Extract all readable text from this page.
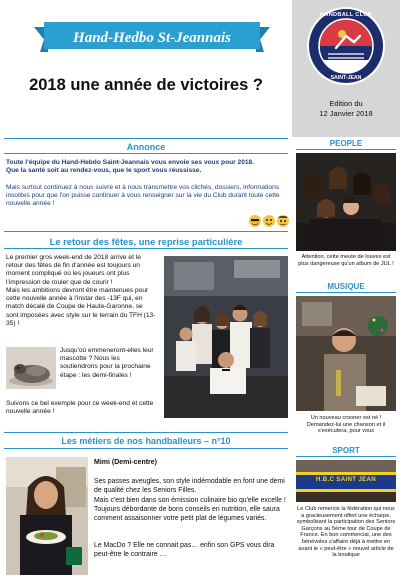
Hand-Hedbo St-Jeannais
2018 une année de victoires ?
HANDBALL CLUB
SAINT-JEAN
Edition du
12 Janvier 2018
Annonce
Toute l'équipe du Hand-Hebdo Saint-Jeannais vous envoie ses voux pour 2018.
Que la santé soit au rendez-vous, que le sport vous réussisse.
Mais surtout continuez à nous suivre et à nous transmettre vos clichés, dossiers, informations insolites pour que l'on puisse continuer à vous renseigner sur la vie du Club durant toute cette nouvelle année !
Le retour des fêtes, une reprise particulière
Le premier gros week-end de 2018 arrive et le retour des fêtes de fin d'année est toujours un moment compliqué où les joueurs ont plus l'impression de rouler que de courir !
Mais les ambitions devront être maintenues pour cette nouvelle année à l'instar des -13F qui, en match décalé de Coupe de Haute-Garonne, se sont imposées avec style sur le terrain du TFH (13-35) !
Jusqu'où emmeneront-elles leur mascotte ? Nous les soutiendrons pour la prochaine étape : les demi-finales !
Suivons ce bel exemple pour ce week-end et cette nouvelle année !
Les métiers de nos handballeurs – n°10
Mimi (Demi-centre)
Ses passes aveugles, son style indémodable en font une demi de qualité chez les Seniors Filles.
Mais c'est bien dans son émission culinaire bio qu'elle excelle ! Toujours débordante de bons conseils en nutrition, elle saura comment assaisonner votre petit plat de légumes variés.
Le MacDo ? Elle ne connait pas… enfin son GPS vous dira peut-être le contraire …
PEOPLE
Attention, cette meute de louves est plus dangereuse qu'un album de JUL !
MUSIQUE
Un nouveau crooner est né ! Demandez-lui une chanson et il s'exécutera, pour vous
SPORT
H.B.C SAINT JEAN
Le Club remercie la fédération qui nous a gracieusement offert une écharpe, symbolisant la participation des Seniors Garçons au 5ème tour de Coupe de France. En bon commercial, une des bénévoles s'affaire déjà à mettre en avant le « peut-être » nouvel article de la boutique
